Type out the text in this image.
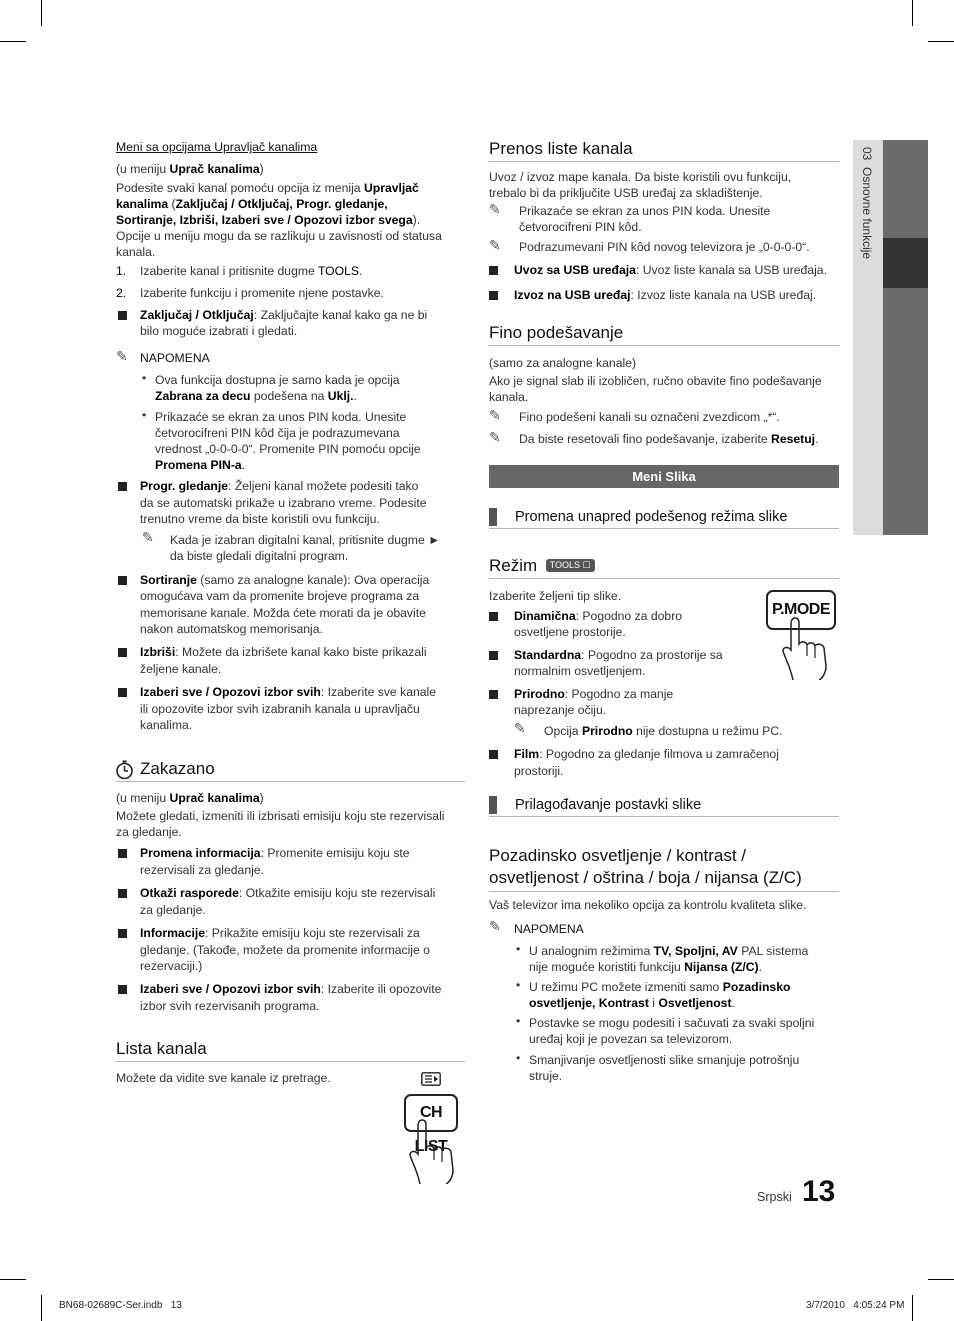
03  Osnovne funkcije
Meni sa opcijama Upravljač kanalima
(u meniju Uprač kanalima)
Podesite svaki kanal pomoću opcija iz menija Upravljač
kanalima (Zaključaj / Otključaj, Progr. gledanje,
Sortiranje, Izbriši, Izaberi sve / Opozovi izbor svega).
Opcije u meniju mogu da se razlikuju u zavisnosti od statusa
kanala.
1. Izaberite kanal i pritisnite dugme TOOLS.
2. Izaberite funkciju i promenite njene postavke.
Zaključaj / Otključaj: Zaključajte kanal kako ga ne bi
bilo moguće izabrati i gledati.
✎ NAPOMENA
• Ova funkcija dostupna je samo kada je opcija
Zabrana za decu podešena na Uklj..
• Prikazaće se ekran za unos PIN koda. Unesite
četvorocifreni PIN kôd čija je podrazumevana
vrednost „0-0-0-0“. Promenite PIN pomoću opcije
Promena PIN-a.
Progr. gledanje: Željeni kanal možete podesiti tako
da se automatski prikaže u izabrano vreme. Podesite
trenutno vreme da biste koristili ovu funkciju.
✎ Kada je izabran digitalni kanal, pritisnite dugme ►
da biste gledali digitalni program.
Sortiranje (samo za analogne kanale): Ova operacija
omogućava vam da promenite brojeve programa za
memorisane kanale. Možda ćete morati da je obavite
nakon automatskog memorisanja.
Izbriši: Možete da izbrišete kanal kako biste prikazali
željene kanale.
Izaberi sve / Opozovi izbor svih: Izaberite sve kanale
ili opozovite izbor svih izabranih kanala u upravljaču
kanalima.
Zakazano
(u meniju Uprač kanalima)
Možete gledati, izmeniti ili izbrisati emisiju koju ste rezervisali
za gledanje.
Promena informacija: Promenite emisiju koju ste
rezervisali za gledanje.
Otkaži rasporede: Otkažite emisiju koju ste rezervisali
za gledanje.
Informacije: Prikažite emisiju koju ste rezervisali za
gledanje. (Takođe, možete da promenite informacije o
rezervaciji.)
Izaberi sve / Opozovi izbor svih: Izaberite ili opozovite
izbor svih rezervisanih programa.
Lista kanala
Možete da vidite sve kanale iz pretrage.
CH LIST
Prenos liste kanala
Uvoz / izvoz mape kanala. Da biste koristili ovu funkciju,
trebalo bi da priključite USB uređaj za skladištenje.
✎ Prikazaće se ekran za unos PIN koda. Unesite
četvorocifreni PIN kôd.
✎ Podrazumevani PIN kôd novog televizora je „0-0-0-0“.
Uvoz sa USB uređaja: Uvoz liste kanala sa USB uređaja.
Izvoz na USB uređaj: Izvoz liste kanala na USB uređaj.
Fino podešavanje
(samo za analogne kanale)
Ako je signal slab ili izobličen, ručno obavite fino podešavanje
kanala.
✎ Fino podešeni kanali su označeni zvezdicom „*“.
✎ Da biste resetovali fino podešavanje, izaberite Resetuj.
Meni Slika
Promena unapred podešenog režima slike
Režim TOOLS ☐
Izaberite željeni tip slike.
Dinamična: Pogodno za dobro
osvetljene prostorije.
Standardna: Pogodno za prostorije sa
normalnim osvetljenjem.
Prirodno: Pogodno za manje
naprezanje očiju.
✎ Opcija Prirodno nije dostupna u režimu PC.
Film: Pogodno za gledanje filmova u zamračenoj
prostoriji.
P.MODE
Prilagođavanje postavki slike
Pozadinsko osvetljenje / kontrast /
osvetljenost / oštrina / boja / nijansa (Z/C)
Vaš televizor ima nekoliko opcija za kontrolu kvaliteta slike.
✎ NAPOMENA
• U analognim režimima TV, Spoljni, AV PAL sistema
nije moguće koristiti funkciju Nijansa (Z/C).
• U režimu PC možete izmeniti samo Pozadinsko
osvetljenje, Kontrast i Osvetljenost.
• Postavke se mogu podesiti i sačuvati za svaki spoljni
uređaj koji je povezan sa televizorom.
• Smanjivanje osvetljenosti slike smanjuje potrošnju
struje.
Srpski 13
BN68-02689C-Ser.indb   13	3/7/2010   4:05:24 PM
